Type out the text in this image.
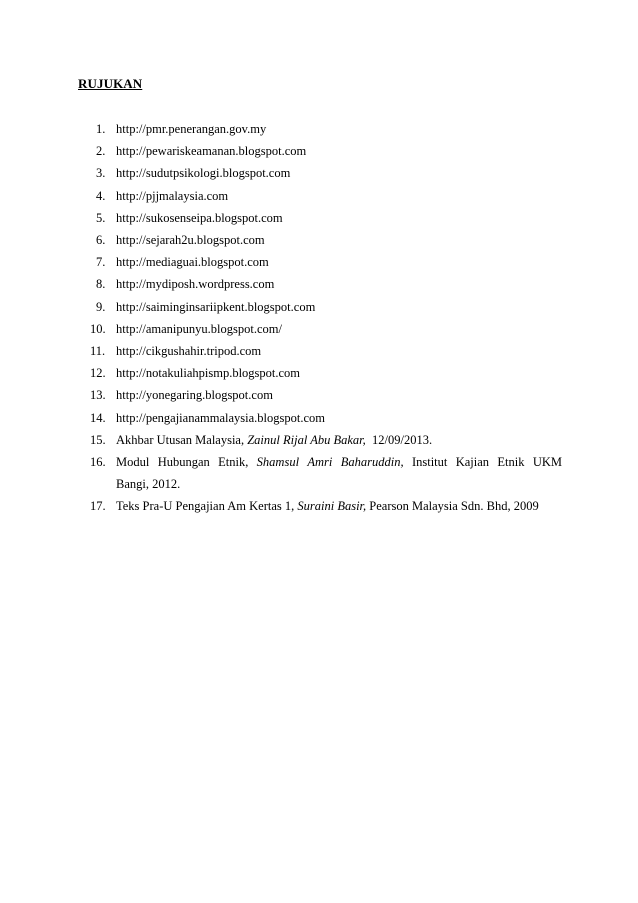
RUJUKAN
1. http://pmr.penerangan.gov.my
2. http://pewariskeamanan.blogspot.com
3. http://sudutpsikologi.blogspot.com
4. http://pjjmalaysia.com
5. http://sukosenseipa.blogspot.com
6. http://sejarah2u.blogspot.com
7. http://mediaguai.blogspot.com
8. http://mydiposh.wordpress.com
9. http://saiminginsariipkent.blogspot.com
10. http://amanipunyu.blogspot.com/
11. http://cikgushahir.tripod.com
12. http://notakuliahpismp.blogspot.com
13. http://yonegaring.blogspot.com
14. http://pengajianammalaysia.blogspot.com
15. Akhbar Utusan Malaysia, Zainul Rijal Abu Bakar,  12/09/2013.
16. Modul Hubungan Etnik, Shamsul Amri Baharuddin, Institut Kajian Etnik UKM
Bangi, 2012.
17. Teks Pra-U Pengajian Am Kertas 1, Suraini Basir, Pearson Malaysia Sdn. Bhd, 2009
